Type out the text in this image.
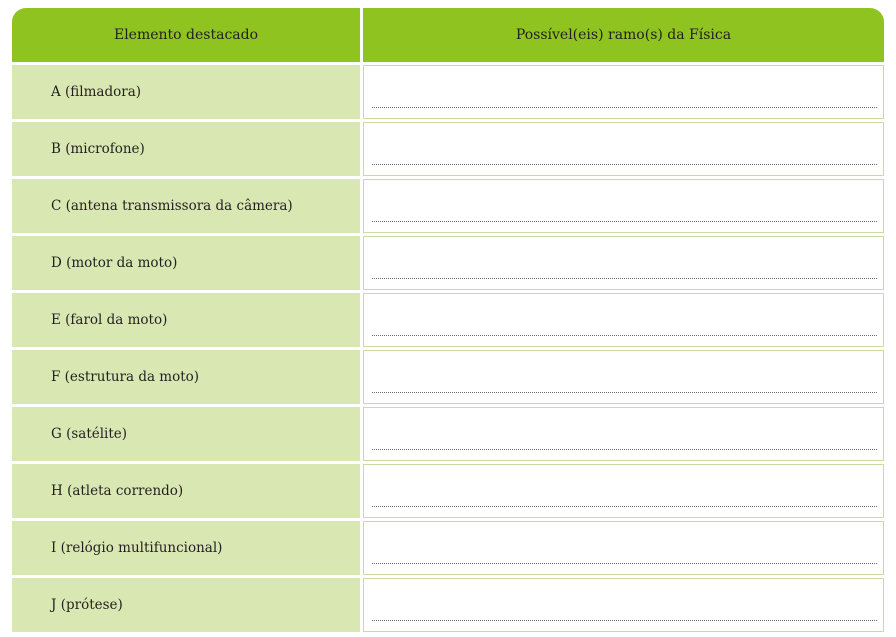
Elemento destacado	Possível(eis) ramo(s) da Física
A (filmadora)
B (microfone)
C (antena transmissora da câmera)
D (motor da moto)
E (farol da moto)
F (estrutura da moto)
G (satélite)
H (atleta correndo)
I (relógio multifuncional)
J (prótese)
